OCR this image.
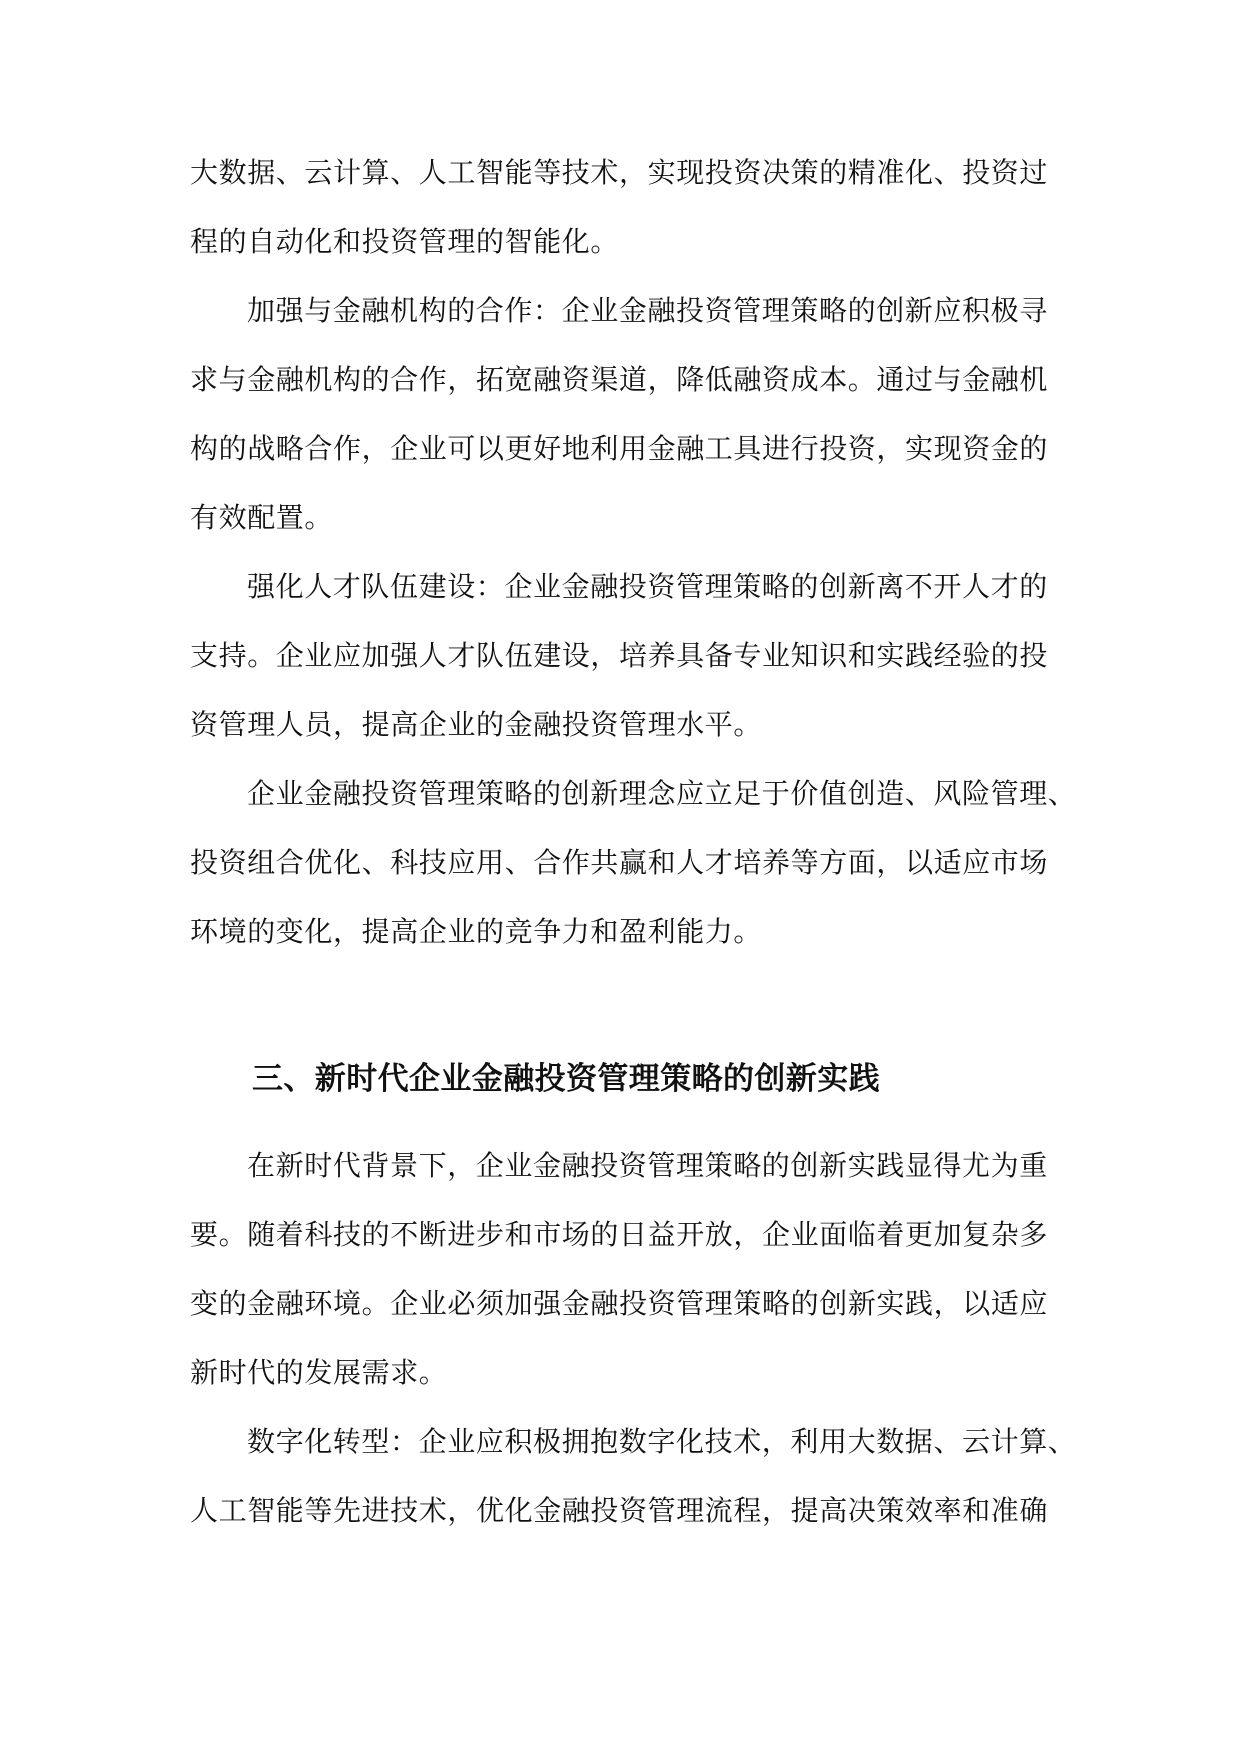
大数据、云计算、人工智能等技术，实现投资决策的精准化、投资过
程的自动化和投资管理的智能化。
加强与金融机构的合作：企业金融投资管理策略的创新应积极寻
求与金融机构的合作，拓宽融资渠道，降低融资成本。通过与金融机
构的战略合作，企业可以更好地利用金融工具进行投资，实现资金的
有效配置。
强化人才队伍建设：企业金融投资管理策略的创新离不开人才的
支持。企业应加强人才队伍建设，培养具备专业知识和实践经验的投
资管理人员，提高企业的金融投资管理水平。
企业金融投资管理策略的创新理念应立足于价值创造、风险管理、
投资组合优化、科技应用、合作共赢和人才培养等方面，以适应市场
环境的变化，提高企业的竞争力和盈利能力。
三、新时代企业金融投资管理策略的创新实践
在新时代背景下，企业金融投资管理策略的创新实践显得尤为重
要。随着科技的不断进步和市场的日益开放，企业面临着更加复杂多
变的金融环境。企业必须加强金融投资管理策略的创新实践，以适应
新时代的发展需求。
数字化转型：企业应积极拥抱数字化技术，利用大数据、云计算、
人工智能等先进技术，优化金融投资管理流程，提高决策效率和准确
